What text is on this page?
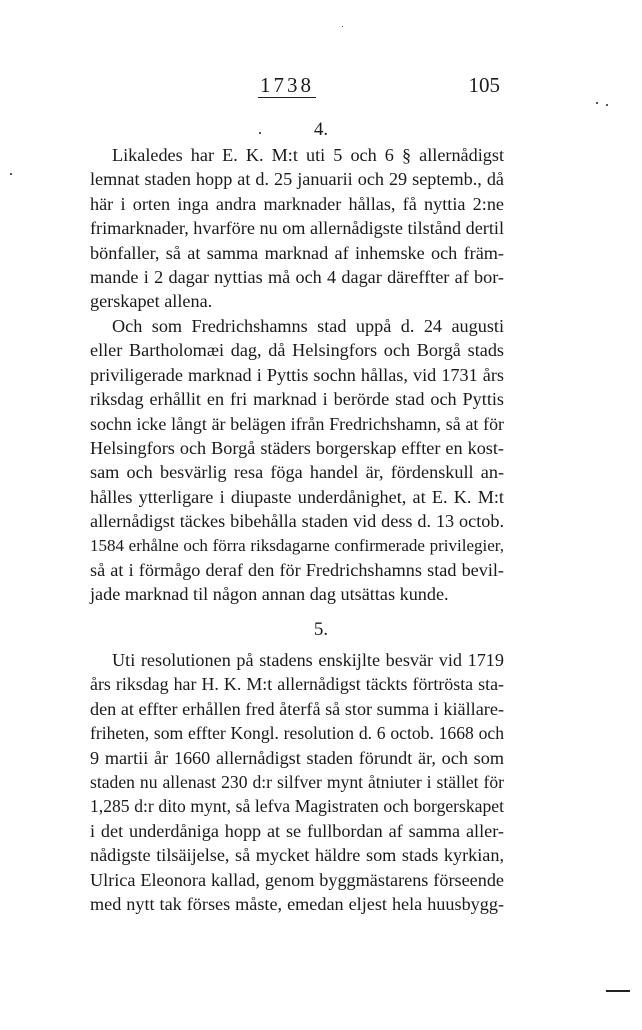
1738	105
4.
Likaledes har E. K. M:t uti 5 och 6 § allernådigst
lemnat staden hopp at d. 25 januarii och 29 septemb., då
här i orten inga andra marknader hållas, få nyttia 2:ne
frimarknader, hvarföre nu om allernådigste tilstånd dertil
bönfaller, så at samma marknad af inhemske och främ-
mande i 2 dagar nyttias må och 4 dagar däreffter af bor-
gerskapet allena.
Och som Fredrichshamns stad uppå d. 24 augusti
eller Bartholomæi dag, då Helsingfors och Borgå stads
priviligerade marknad i Pyttis sochn hållas, vid 1731 års
riksdag erhållit en fri marknad i berörde stad och Pyttis
sochn icke långt är belägen ifrån Fredrichshamn, så at för
Helsingfors och Borgå städers borgerskap effter en kost-
sam och besvärlig resa föga handel är, fördenskull an-
hålles ytterligare i diupaste underdånighet, at E. K. M:t
allernådigst täckes bibehålla staden vid dess d. 13 octob.
1584 erhålne och förra riksdagarne confirmerade privilegier,
så at i förmågo deraf den för Fredrichshamns stad bevil-
jade marknad til någon annan dag utsättas kunde.
5.
Uti resolutionen på stadens enskijlte besvär vid 1719
års riksdag har H. K. M:t allernådigst täckts förtrösta sta-
den at effter erhållen fred återfå så stor summa i kiällare-
friheten, som effter Kongl. resolution d. 6 octob. 1668 och
9 martii år 1660 allernådigst staden förundt är, och som
staden nu allenast 230 d:r silfver mynt åtniuter i stället för
1,285 d:r dito mynt, så lefva Magistraten och borgerskapet
i det underdåniga hopp at se fullbordan af samma aller-
nådigste tilsäijelse, så mycket häldre som stads kyrkian,
Ulrica Eleonora kallad, genom byggmästarens förseende
med nytt tak förses måste, emedan eljest hela huusbygg-
